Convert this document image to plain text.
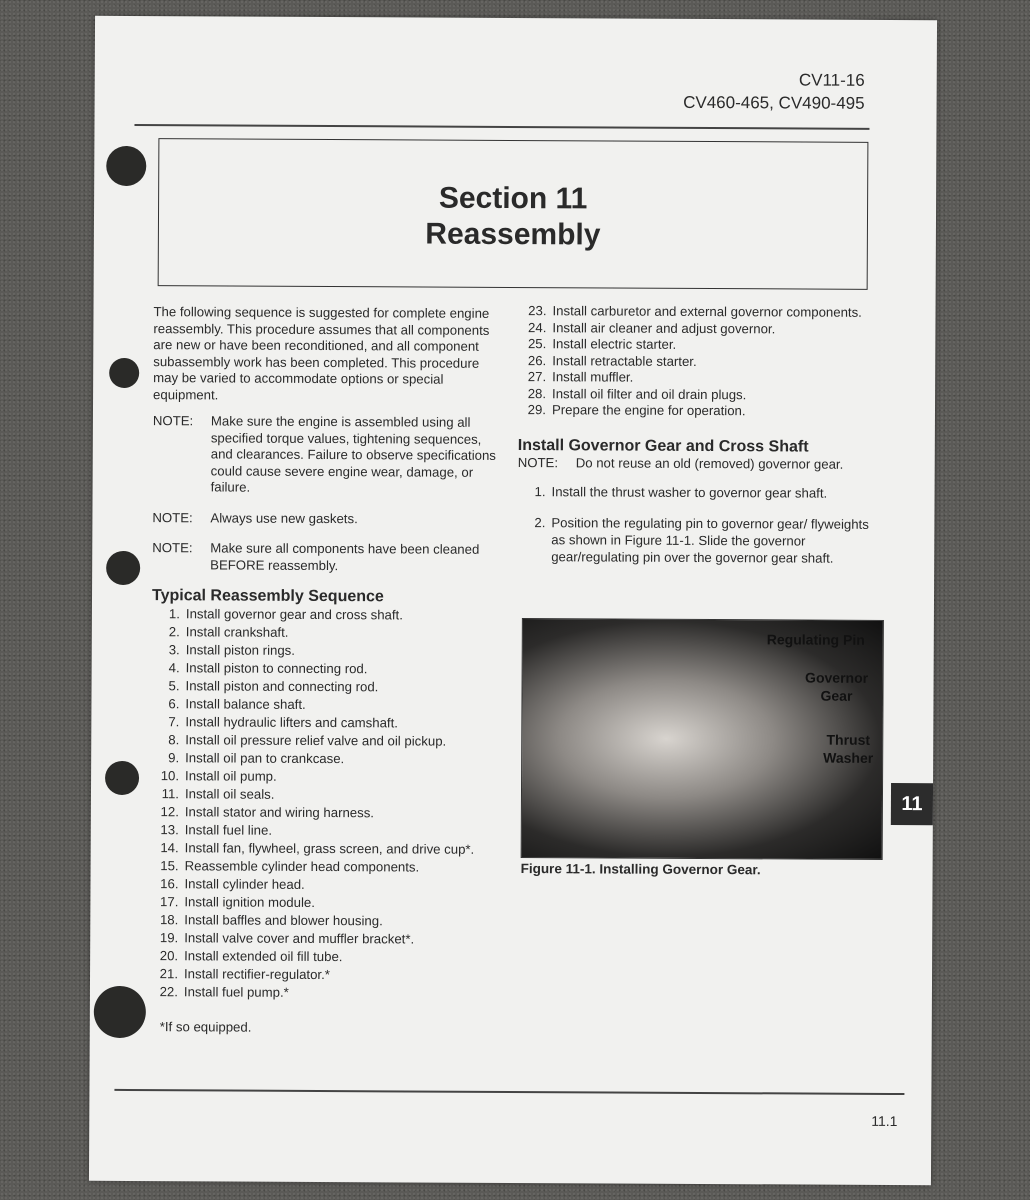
CV11-16
CV460-465, CV490-495
Section 11
Reassembly
The following sequence is suggested for complete engine reassembly. This procedure assumes that all components are new or have been reconditioned, and all component subassembly work has been completed. This procedure may be varied to accommodate options or special equipment.
NOTE:	Make sure the engine is assembled using all specified torque values, tightening sequences, and clearances. Failure to observe specifications could cause severe engine wear, damage, or failure.
NOTE:	Always use new gaskets.
NOTE:	Make sure all components have been cleaned BEFORE reassembly.
Typical Reassembly Sequence
1. Install governor gear and cross shaft.
2. Install crankshaft.
3. Install piston rings.
4. Install piston to connecting rod.
5. Install piston and connecting rod.
6. Install balance shaft.
7. Install hydraulic lifters and camshaft.
8. Install oil pressure relief valve and oil pickup.
9. Install oil pan to crankcase.
10. Install oil pump.
11. Install oil seals.
12. Install stator and wiring harness.
13. Install fuel line.
14. Install fan, flywheel, grass screen, and drive cup*.
15. Reassemble cylinder head components.
16. Install cylinder head.
17. Install ignition module.
18. Install baffles and blower housing.
19. Install valve cover and muffler bracket*.
20. Install extended oil fill tube.
21. Install rectifier-regulator.*
22. Install fuel pump.*
*If so equipped.
23. Install carburetor and external governor components.
24. Install air cleaner and adjust governor.
25. Install electric starter.
26. Install retractable starter.
27. Install muffler.
28. Install oil filter and oil drain plugs.
29. Prepare the engine for operation.
Install Governor Gear and Cross Shaft
NOTE:	Do not reuse an old (removed) governor gear.
1. Install the thrust washer to governor gear shaft.
2. Position the regulating pin to governor gear/ flyweights as shown in Figure 11-1. Slide the governor gear/regulating pin over the governor gear shaft.
Regulating Pin
Governor Gear
Thrust Washer
Figure 11-1. Installing Governor Gear.
11
11.1
